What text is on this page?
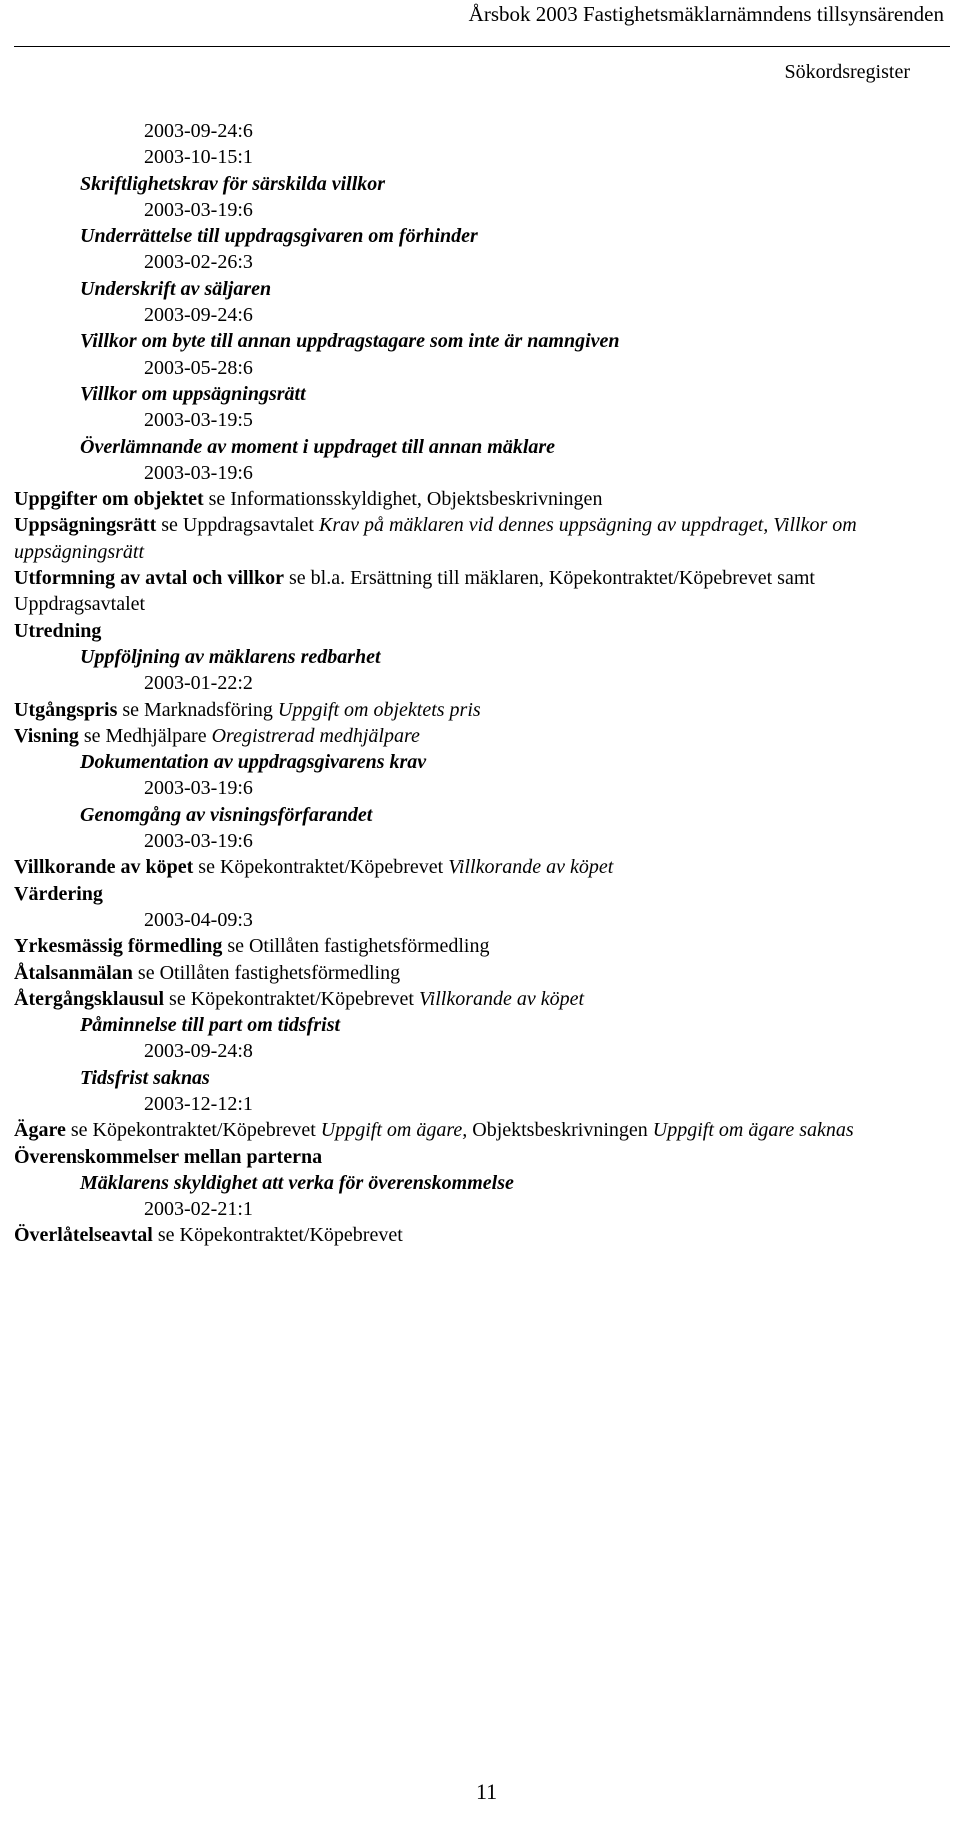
Årsbok 2003 Fastighetsmäklarnämndens tillsynsärenden
Sökordsregister
2003-09-24:6
2003-10-15:1
Skriftlighetskrav för särskilda villkor
2003-03-19:6
Underrättelse till uppdragsgivaren om förhinder
2003-02-26:3
Underskrift av säljaren
2003-09-24:6
Villkor om byte till annan uppdragstagare som inte är namngiven
2003-05-28:6
Villkor om uppsägningsrätt
2003-03-19:5
Överlämnande av moment i uppdraget till annan mäklare
2003-03-19:6
Uppgifter om objektet se Informationsskyldighet, Objektsbeskrivningen
Uppsägningsrätt se Uppdragsavtalet Krav på mäklaren vid dennes uppsägning av uppdraget, Villkor om uppsägningsrätt
Utformning av avtal och villkor se bl.a. Ersättning till mäklaren, Köpekontraktet/Köpebrevet samt Uppdragsavtalet
Utredning
Uppföljning av mäklarens redbarhet
2003-01-22:2
Utgångspris se Marknadsföring Uppgift om objektets pris
Visning se Medhjälpare Oregistrerad medhjälpare
Dokumentation av uppdragsgivarens krav
2003-03-19:6
Genomgång av visningsförfarandet
2003-03-19:6
Villkorande av köpet se Köpekontraktet/Köpebrevet Villkorande av köpet
Värdering
2003-04-09:3
Yrkesmässig förmedling se Otillåten fastighetsförmedling
Åtalsanmälan se Otillåten fastighetsförmedling
Återgångsklausul se Köpekontraktet/Köpebrevet Villkorande av köpet
Påminnelse till part om tidsfrist
2003-09-24:8
Tidsfrist saknas
2003-12-12:1
Ägare se Köpekontraktet/Köpebrevet Uppgift om ägare, Objektsbeskrivningen Uppgift om ägare saknas
Överenskommelser mellan parterna
Mäklarens skyldighet att verka för överenskommelse
2003-02-21:1
Överlåtelseavtal se Köpekontraktet/Köpebrevet
11
